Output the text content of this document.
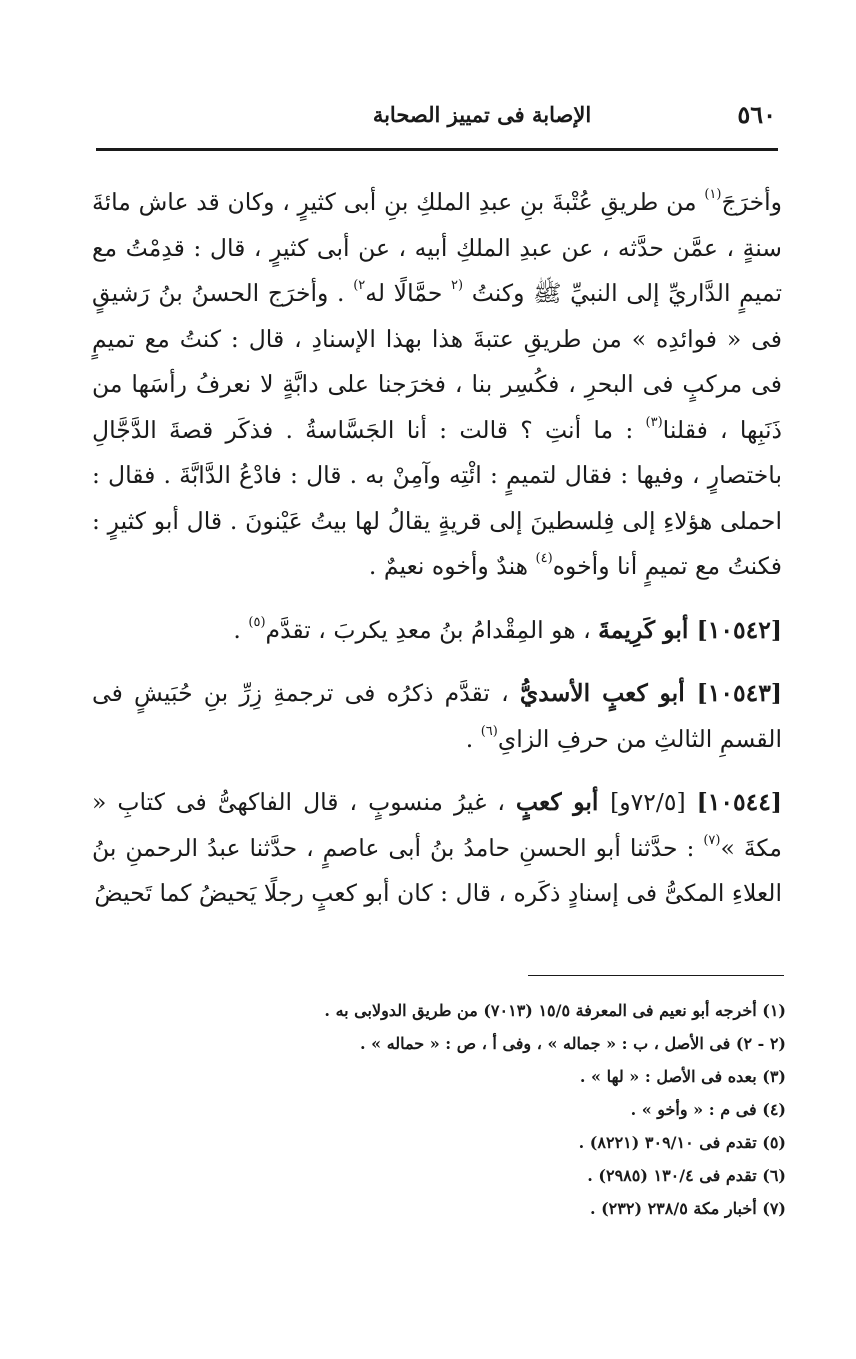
٥٦٠
الإصابة فى تمييز الصحابة

وأخرَجَ$^{(١)}$ من طريقِ عُتْبةَ بنِ عبدِ الملكِ بنِ أبى كثيرٍ ، وكان قد عاش مائةَ سنةٍ ، عمَّن حدَّثه ، عن عبدِ الملكِ أبيه ، عن أبى كثيرٍ ، قال : قدِمْتُ مع تميمٍ الدَّاريِّ إلى النبيِّ ﷺ وكنتُ $^{(٢}$ حمَّالًا له$^{٢)}$ . وأخرَج الحسنُ بنُ رَشيقٍ فى « فوائدِه » من طريقِ عتبةَ هذا بهذا الإسنادِ ، قال : كنتُ مع تميمٍ فى مركبٍ فى البحرِ ، فكُسِر بنا ، فخرَجنا على دابَّةٍ لا نعرفُ رأسَها من ذَنَبِها ، فقلنا$^{(٣)}$ : ما أنتِ ؟ قالت : أنا الجَسَّاسةُ . فذكَر قصةَ الدَّجَّالِ باختصارٍ ، وفيها : فقال لتميمٍ : ائْتِه وآمِنْ به . قال : فادْعُ الدَّابَّةَ . فقال : احملى هؤلاءِ إلى فِلسطينَ إلى قريةٍ يقالُ لها بيتُ عَيْنونَ . قال أبو كثيرٍ : فكنتُ مع تميمٍ أنا وأخوه$^{(٤)}$ هندٌ وأخوه نعيمٌ .

[١٠٥٤٢] أبو كَرِيمةَ ، هو المِقْدامُ بنُ معدِ يكربَ ، تقدَّم$^{(٥)}$ .

[١٠٥٤٣] أبو كعبٍ الأسديُّ ، تقدَّم ذكرُه فى ترجمةِ زِرِّ بنِ حُبَيشٍ فى القسمِ الثالثِ من حرفِ الزاىِ$^{(٦)}$ .

[١٠٥٤٤] [٧٢/٥و] أبو كعبٍ ، غيرُ منسوبٍ ، قال الفاكهىُّ فى كتابِ « مكةَ »$^{(٧)}$ : حدَّثنا أبو الحسنِ حامدُ بنُ أبى عاصمٍ ، حدَّثنا عبدُ الرحمنِ بنُ العلاءِ المكىُّ فى إسنادٍ ذكَره ، قال : كان أبو كعبٍ رجلًا يَحيضُ كما تَحيضُ

(١) أخرجه أبو نعيم فى المعرفة ١٥/٥ (٧٠١٣) من طريق الدولابى به .
(٢ - ٢) فى الأصل ، ب : « جماله » ، وفى أ ، ص : « حماله » .
(٣) بعده فى الأصل : « لها » .
(٤) فى م : « وأخو » .
(٥) تقدم فى ٣٠٩/١٠ (٨٢٢١) .
(٦) تقدم فى ١٣٠/٤ (٢٩٨٥) .
(٧) أخبار مكة ٢٣٨/٥ (٢٣٢) .
